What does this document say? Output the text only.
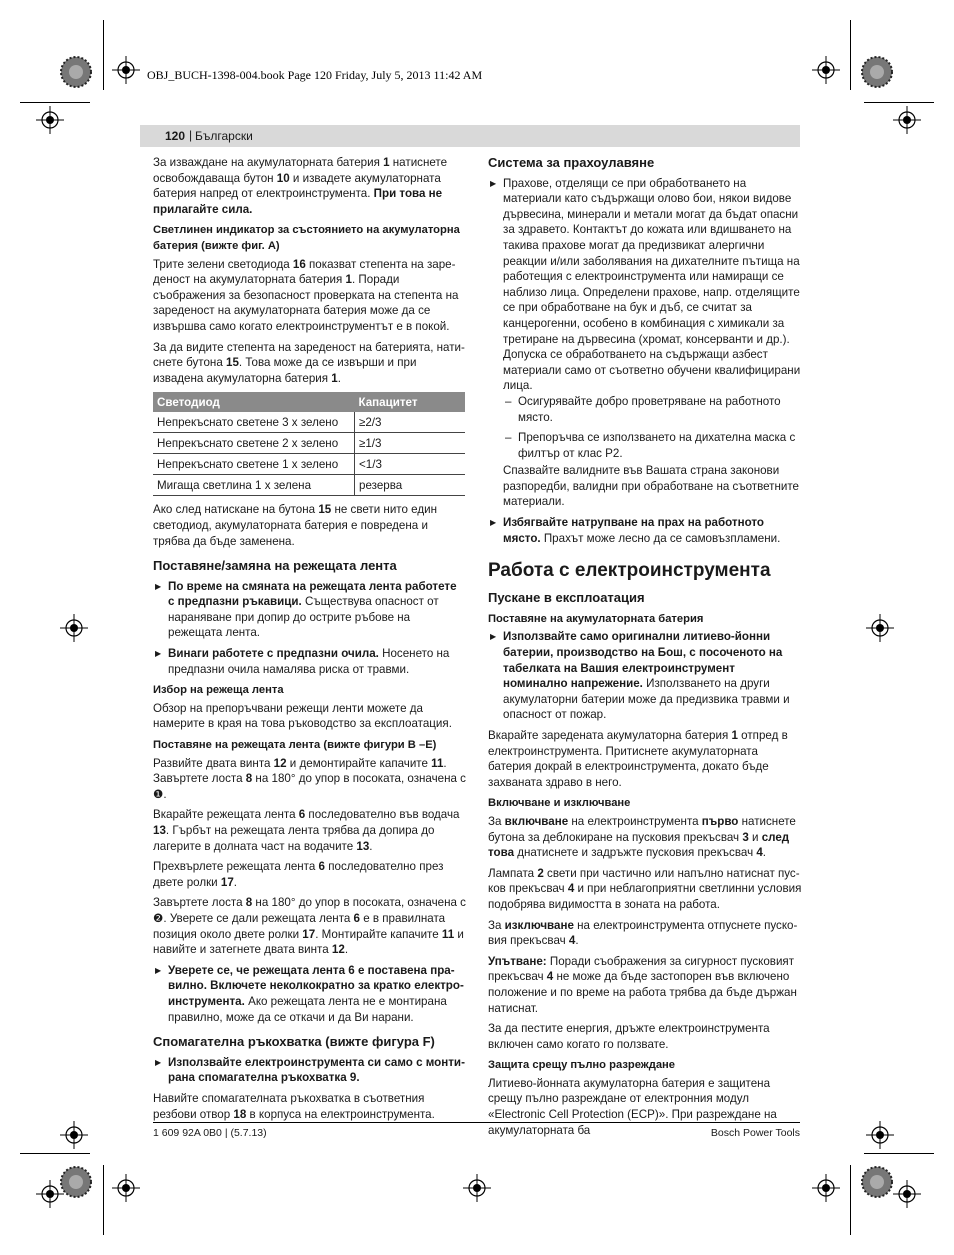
OBJ_BUCH-1398-004.book Page 120 Friday, July 5, 2013 11:42 AM
120 | Български

За изваждане на акумулаторната батерия 1 натиснете освобождаваща бутон 10 и извадете акумулаторната батерия напред от електроинструмента. При това не прилагайте сила.

Светлинен индикатор за състоянието на акумулаторна батерия (вижте фиг. A)

Трите зелени светодиода 16 показват степента на зареденост на акумулаторната батерия 1. Поради съображения за безопасност проверката на степента на зареденост на акумулаторната батерия може да се извършва само когато електроинструментът е в покой.

За да видите степента на зареденост на батерията, натиснете бутона 15. Това може да се извърши и при извадена акумулаторна батерия 1.

Светодиод	Капацитет
Непрекъснато светене 3 x зелено	≥2/3
Непрекъснато светене 2 x зелено	≥1/3
Непрекъснато светене 1 x зелено	<1/3
Мигаща светлина 1 x зелена	резерва

Ако след натискане на бутона 15 не свети нито един светодиод, акумулаторната батерия е повредена и трябва да бъде заменена.

Поставяне/замяна на режещата лента

▶ По време на смяната на режещата лента работете с предпазни ръкавици. Съществува опасност от нараняване при допир до острите ръбове на режещата лента.

▶ Винаги работете с предпазни очила. Носенето на предпазни очила намалява риска от травми.

Избор на режеща лента

Обзор на препоръчвани режещи ленти можете да намерите в края на това ръководство за експлоатация.

Поставяне на режещата лента (вижте фигури B –E)

Развийте двата винта 12 и демонтирайте капачите 11. Завъртете лоста 8 на 180° до упор в посоката, означена с ❶.

Вкарайте режещата лента 6 последователно във водача 13. Гърбът на режещата лента трябва да допира до лагерите в долната част на водачите 13.

Прехвърлете режещата лента 6 последователно през двете ролки 17.

Завъртете лоста 8 на 180° до упор в посоката, означена с ❷. Уверете се дали режещата лента 6 е в правилната позиция около двете ролки 17. Монтирайте капачите 11 и навийте и затегнете двата винта 12.

▶ Уверете се, че режещата лента 6 е поставена правилно. Включете неколкократно за кратко електроинструмента. Ако режещата лента не е монтирана правилно, може да се откачи и да Ви нарани.

Спомагателна ръкохватка (вижте фигура F)

▶ Използвайте електроинструмента си само с монтирана спомагателна ръкохватка 9.

Навийте спомагателната ръкохватка в съответния резбови отвор 18 в корпуса на електроинструмента.

Система за прахоулавяне

▶ Прахове, отделящи се при обработването на материали като съдържащи олово бои, някои видове дървесина, минерали и метали могат да бъдат опасни за здравето. Контактът до кожата или вдишването на такива прахове могат да предизвикат алергични реакции и/или заболявания на дихателните пътища на работещия с електроинструмента или намиращи се наблизо лица. Определени прахове, напр. отделящите се при обработване на бук и дъб, се считат за канцерогенни, особено в комбинация с химикали за третиране на дървесина (хромат, консерванти и др.). Допуска се обработването на съдържащи азбест материали само от съответно обучени квалифицирани лица.

– Осигурявайте добро проветряване на работното място.

– Препоръчва се използването на дихателна маска с филтър от клас P2.

Спазвайте валидните във Вашата страна законови разпоредби, валидни при обработване на съответните материали.

▶ Избягвайте натрупване на прах на работното място. Прахът може лесно да се самовъзпламени.

Работа с електроинструмента
Пускане в експлоатация
Поставяне на акумулаторната батерия

▶ Използвайте само оригинални литиево-йонни батерии, производство на Бош, с посоченото на табелката на Вашия електроинструмент номинално напрежение. Използването на други акумулаторни батерии може да предизвика травми и опасност от пожар.

Вкарайте заредената акумулаторна батерия 1 отпред в електроинструмента. Притиснете акумулаторната батерия докрай в електроинструмента, докато бъде захваната здраво в него.

Включване и изключване

За включване на електроинструмента първо натиснете бутона за деблокиране на пусковия прекъсвач 3 и след това днатиснете и задръжте пусковия прекъсвач 4.

Лампата 2 свети при частично или напълно натиснат пусков прекъсвач 4 и при неблагоприятни светлинни условия подобрява видимостта в зоната на работа.

За изключване на електроинструмента отпуснете пусковия прекъсвач 4.

Упътване: Поради съображения за сигурност пусковият прекъсвач 4 не може да бъде застопорен във включено положение и по време на работа трябва да бъде държан натиснат.

За да пестите енергия, дръжте електроинструмента включен само когато го ползвате.

Защита срещу пълно разреждане

Литиево-йонната акумулаторна батерия е защитена срещу пълно разреждане от електронния модул «Electronic Cell Protection (ECP)». При разреждане на акумулаторната ба

1 609 92A 0B0 | (5.7.13)	Bosch Power Tools
